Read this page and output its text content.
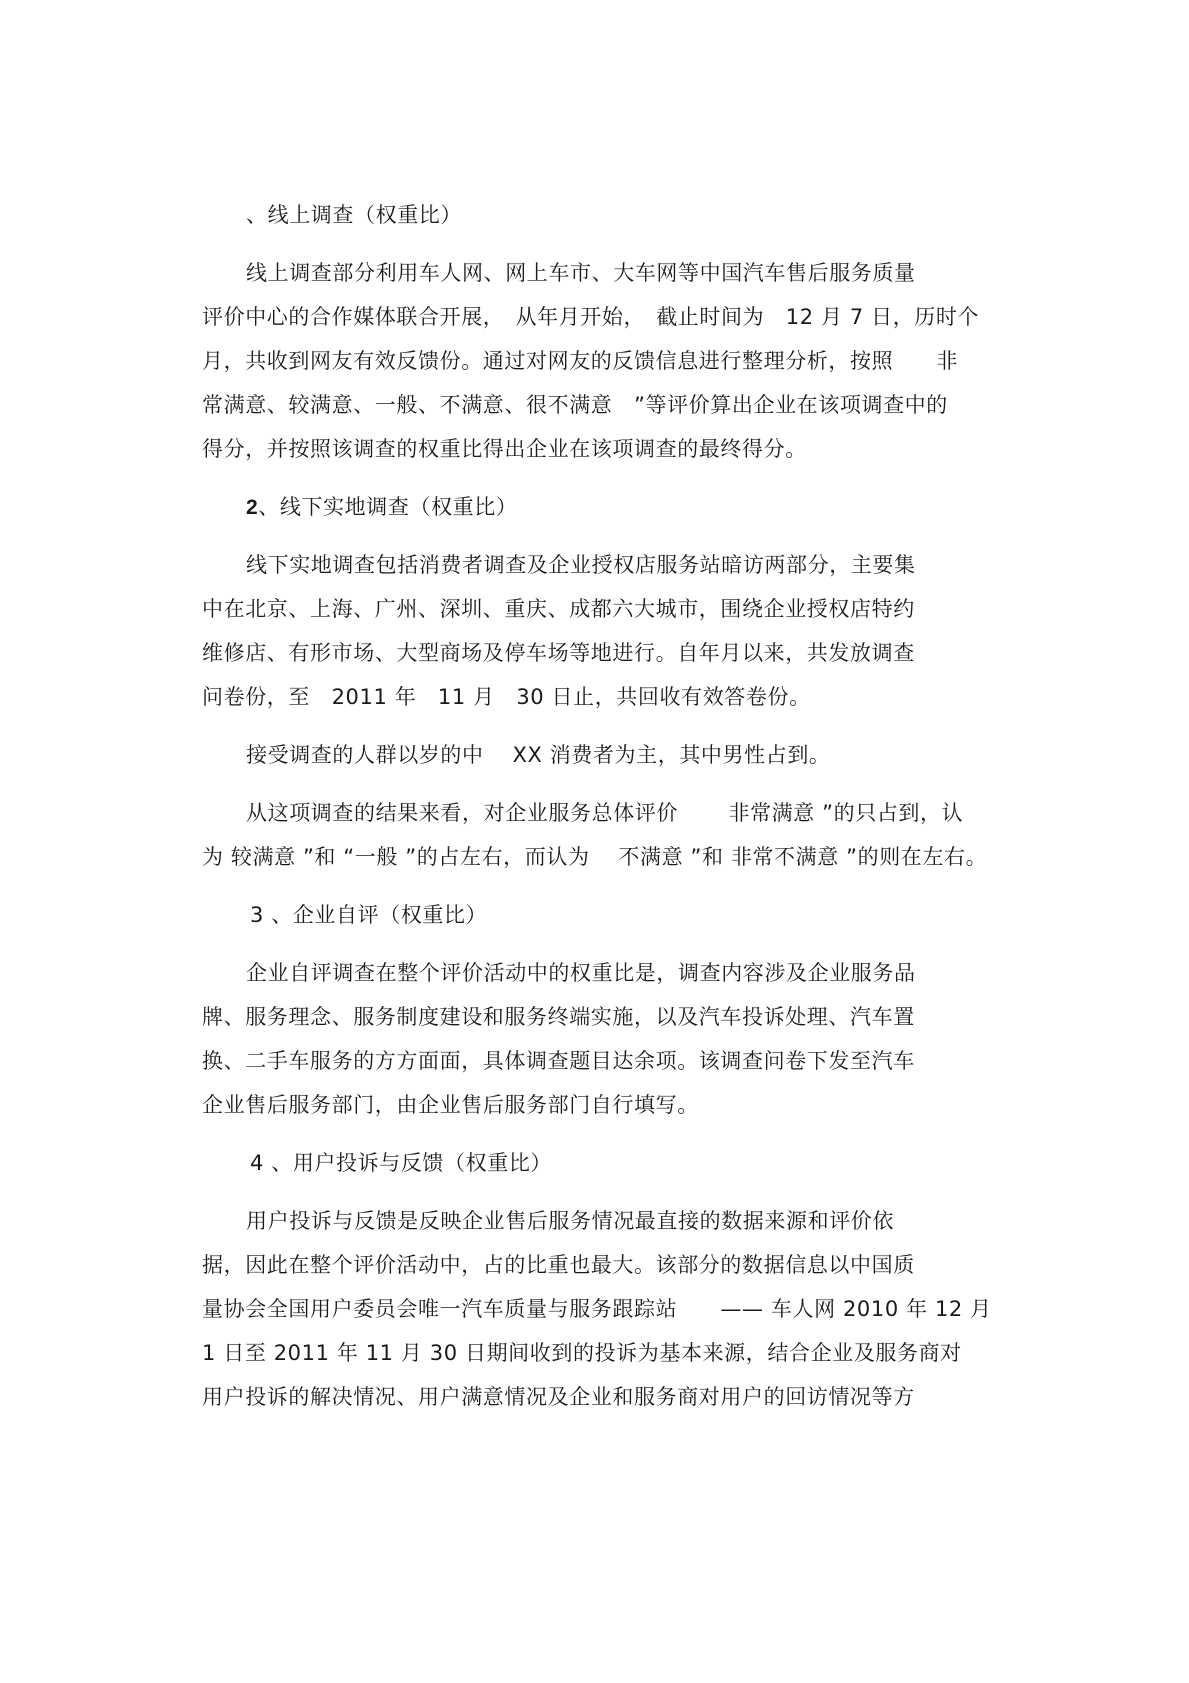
、线上调查（权重比）
线上调查部分利用车人网、网上车市、大车网等中国汽车售后服务质量
评价中心的合作媒体联合开展，　从年月开始，　截止时间为　12 月 7 日，历时个
月，共收到网友有效反馈份。通过对网友的反馈信息进行整理分析，按照　　非
常满意、较满意、一般、不满意、很不满意　”等评价算出企业在该项调查中的
得分，并按照该调查的权重比得出企业在该项调查的最终得分。
2、线下实地调查（权重比）
线下实地调查包括消费者调查及企业授权店服务站暗访两部分，主要集
中在北京、上海、广州、深圳、重庆、成都六大城市，围绕企业授权店特约
维修店、有形市场、大型商场及停车场等地进行。自年月以来，共发放调查
问卷份，至　2011 年　11 月　30 日止，共回收有效答卷份。
接受调查的人群以岁的中　 XX 消费者为主，其中男性占到。
从这项调查的结果来看，对企业服务总体评价　　 非常满意 ”的只占到，认
为 较满意 ”和 “一般 ”的占左右，而认为　 不满意 ”和 非常不满意 ”的则在左右。
3 、企业自评（权重比）
企业自评调查在整个评价活动中的权重比是，调查内容涉及企业服务品
牌、服务理念、服务制度建设和服务终端实施，以及汽车投诉处理、汽车置
换、二手车服务的方方面面，具体调查题目达余项。该调查问卷下发至汽车
企业售后服务部门，由企业售后服务部门自行填写。
4 、用户投诉与反馈（权重比）
用户投诉与反馈是反映企业售后服务情况最直接的数据来源和评价依
据，因此在整个评价活动中，占的比重也最大。该部分的数据信息以中国质
量协会全国用户委员会唯一汽车质量与服务跟踪站　　—— 车人网 2010 年 12 月
1 日至 2011 年 11 月 30 日期间收到的投诉为基本来源，结合企业及服务商对
用户投诉的解决情况、用户满意情况及企业和服务商对用户的回访情况等方
